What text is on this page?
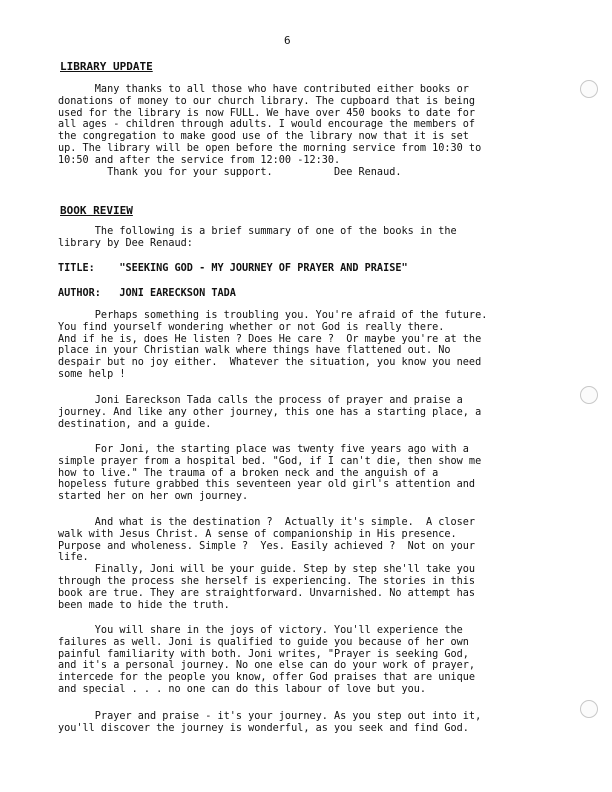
6
LIBRARY UPDATE
Many thanks to all those who have contributed either books or
donations of money to our church library. The cupboard that is being
used for the library is now FULL. We have over 450 books to date for
all ages - children through adults. I would encourage the members of
the congregation to make good use of the library now that it is set
up. The library will be open before the morning service from 10:30 to
10:50 and after the service from 12:00 -12:30.
Thank you for your support.          Dee Renaud.
BOOK REVIEW
The following is a brief summary of one of the books in the
library by Dee Renaud:
TITLE:    "SEEKING GOD - MY JOURNEY OF PRAYER AND PRAISE"
AUTHOR:   JONI EARECKSON TADA
Perhaps something is troubling you. You're afraid of the future.
You find yourself wondering whether or not God is really there.
And if he is, does He listen ? Does He care ?  Or maybe you're at the
place in your Christian walk where things have flattened out. No
despair but no joy either.  Whatever the situation, you know you need
some help !
Joni Eareckson Tada calls the process of prayer and praise a
journey. And like any other journey, this one has a starting place, a
destination, and a guide.
For Joni, the starting place was twenty five years ago with a
simple prayer from a hospital bed. "God, if I can't die, then show me
how to live." The trauma of a broken neck and the anguish of a
hopeless future grabbed this seventeen year old girl's attention and
started her on her own journey.
And what is the destination ?  Actually it's simple.  A closer
walk with Jesus Christ. A sense of companionship in His presence.
Purpose and wholeness. Simple ?  Yes. Easily achieved ?  Not on your
life.
Finally, Joni will be your guide. Step by step she'll take you
through the process she herself is experiencing. The stories in this
book are true. They are straightforward. Unvarnished. No attempt has
been made to hide the truth.
You will share in the joys of victory. You'll experience the
failures as well. Joni is qualified to guide you because of her own
painful familiarity with both. Joni writes, "Prayer is seeking God,
and it's a personal journey. No one else can do your work of prayer,
intercede for the people you know, offer God praises that are unique
and special . . . no one can do this labour of love but you.
Prayer and praise - it's your journey. As you step out into it,
you'll discover the journey is wonderful, as you seek and find God.
